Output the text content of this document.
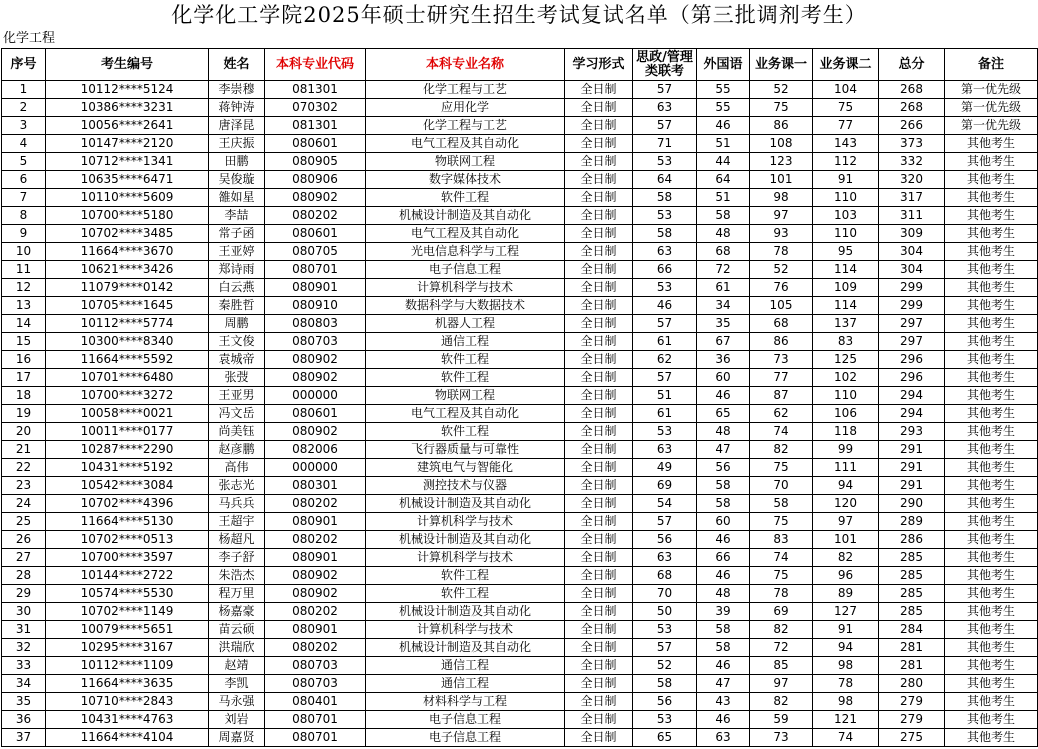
化学化工学院2025年硕士研究生招生考试复试名单（第三批调剂考生）
化学工程
序号	考生编号	姓名	本科专业代码	本科专业名称	学习形式	思政/管理类联考	外国语	业务课一	业务课二	总分	备注
1	10112****5124	李崇穆	081301	化学工程与工艺	全日制	57	55	52	104	268	第一优先级
2	10386****3231	蒋钟涛	070302	应用化学	全日制	63	55	75	75	268	第一优先级
3	10056****2641	唐泽昆	081301	化学工程与工艺	全日制	57	46	86	77	266	第一优先级
4	10147****2120	王庆振	080601	电气工程及其自动化	全日制	71	51	108	143	373	其他考生
5	10712****1341	田鹏	080905	物联网工程	全日制	53	44	123	112	332	其他考生
6	10635****6471	吴俊璇	080906	数字媒体技术	全日制	64	64	101	91	320	其他考生
7	10110****5609	雒如星	080902	软件工程	全日制	58	51	98	110	317	其他考生
8	10700****5180	李喆	080202	机械设计制造及其自动化	全日制	53	58	97	103	311	其他考生
9	10702****3485	常子函	080601	电气工程及其自动化	全日制	58	48	93	110	309	其他考生
10	11664****3670	王亚婷	080705	光电信息科学与工程	全日制	63	68	78	95	304	其他考生
11	10621****3426	郑诗雨	080701	电子信息工程	全日制	66	72	52	114	304	其他考生
12	11079****0142	白云燕	080901	计算机科学与技术	全日制	53	61	76	109	299	其他考生
13	10705****1645	秦胜哲	080910	数据科学与大数据技术	全日制	46	34	105	114	299	其他考生
14	10112****5774	周鹏	080803	机器人工程	全日制	57	35	68	137	297	其他考生
15	10300****8340	王文俊	080703	通信工程	全日制	61	67	86	83	297	其他考生
16	11664****5592	袁城帝	080902	软件工程	全日制	62	36	73	125	296	其他考生
17	10701****6480	张弢	080902	软件工程	全日制	57	60	77	102	296	其他考生
18	10700****3272	王亚男	000000	物联网工程	全日制	51	46	87	110	294	其他考生
19	10058****0021	冯文岳	080601	电气工程及其自动化	全日制	61	65	62	106	294	其他考生
20	10011****0177	尚美钰	080902	软件工程	全日制	53	48	74	118	293	其他考生
21	10287****2290	赵彦鹏	082006	飞行器质量与可靠性	全日制	63	47	82	99	291	其他考生
22	10431****5192	高伟	000000	建筑电气与智能化	全日制	49	56	75	111	291	其他考生
23	10542****3084	张志光	080301	测控技术与仪器	全日制	69	58	70	94	291	其他考生
24	10702****4396	马兵兵	080202	机械设计制造及其自动化	全日制	54	58	58	120	290	其他考生
25	11664****5130	王超宇	080901	计算机科学与技术	全日制	57	60	75	97	289	其他考生
26	10702****0513	杨超凡	080202	机械设计制造及其自动化	全日制	56	46	83	101	286	其他考生
27	10700****3597	李子舒	080901	计算机科学与技术	全日制	63	66	74	82	285	其他考生
28	10144****2722	朱浩杰	080902	软件工程	全日制	68	46	75	96	285	其他考生
29	10574****5530	程万里	080902	软件工程	全日制	70	48	78	89	285	其他考生
30	10702****1149	杨嘉豪	080202	机械设计制造及其自动化	全日制	50	39	69	127	285	其他考生
31	10079****5651	苗云硕	080901	计算机科学与技术	全日制	53	58	82	91	284	其他考生
32	10295****3167	洪瑞欣	080202	机械设计制造及其自动化	全日制	57	58	72	94	281	其他考生
33	10112****1109	赵靖	080703	通信工程	全日制	52	46	85	98	281	其他考生
34	11664****3635	李凯	080703	通信工程	全日制	58	47	97	78	280	其他考生
35	10710****2843	马永强	080401	材料科学与工程	全日制	56	43	82	98	279	其他考生
36	10431****4763	刘岩	080701	电子信息工程	全日制	53	46	59	121	279	其他考生
37	11664****4104	周嘉贤	080701	电子信息工程	全日制	65	63	73	74	275	其他考生
